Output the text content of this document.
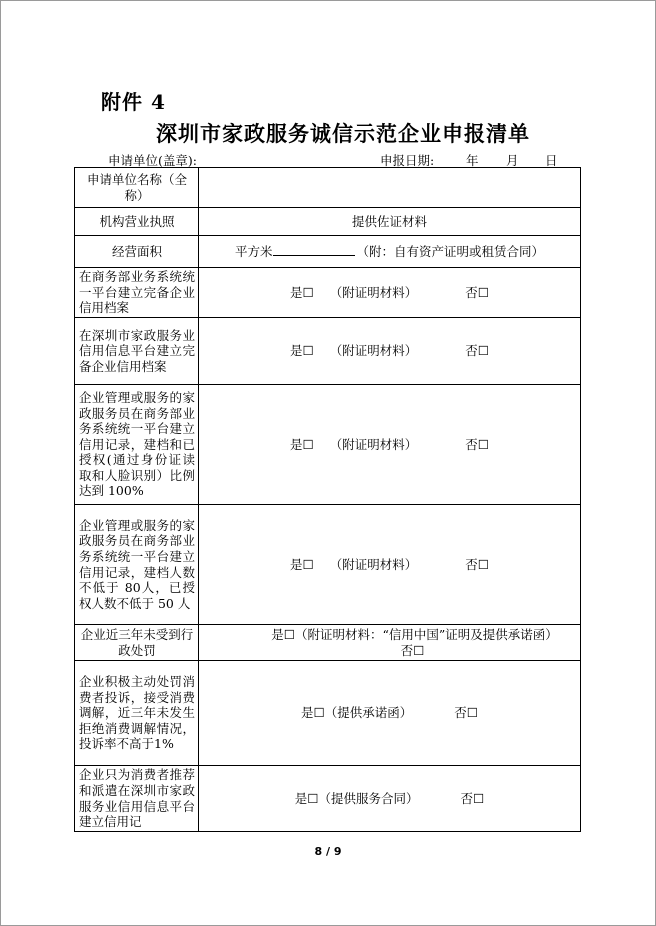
附件 4
深圳市家政服务诚信示范企业申报清单
申请单位(盖章):	申报日期:	年 月 日
申请单位名称（全称）	
机构营业执照	提供佐证材料
经营面积	平方米 （附：自有资产证明或租赁合同）
在商务部业务系统统一平台建立完备企业信用档案	是☐ （附证明材料） 否☐
在深圳市家政服务业信用信息平台建立完备企业信用档案	是☐ （附证明材料） 否☐
企业管理或服务的家政服务员在商务部业务系统统一平台建立信用记录，建档和已授权(通过身份证读取和人脸识别）比例达到 100%	是☐ （附证明材料） 否☐
企业管理或服务的家政服务员在商务部业务系统统一平台建立信用记录，建档人数不低于 80人，已授权人数不低于 50 人	是☐ （附证明材料） 否☐
企业近三年未受到行政处罚	是☐（附证明材料：“信用中国”证明及提供承诺函）
否☐

企业积极主动处罚消费者投诉，接受消费调解，近三年未发生拒绝消费调解情况，投诉率不高于1%	是☐（提供承诺函） 否☐
企业只为消费者推荐和派遣在深圳市家政服务业信用信息平台建立信用记	是☐（提供服务合同） 否☐
8 / 9
